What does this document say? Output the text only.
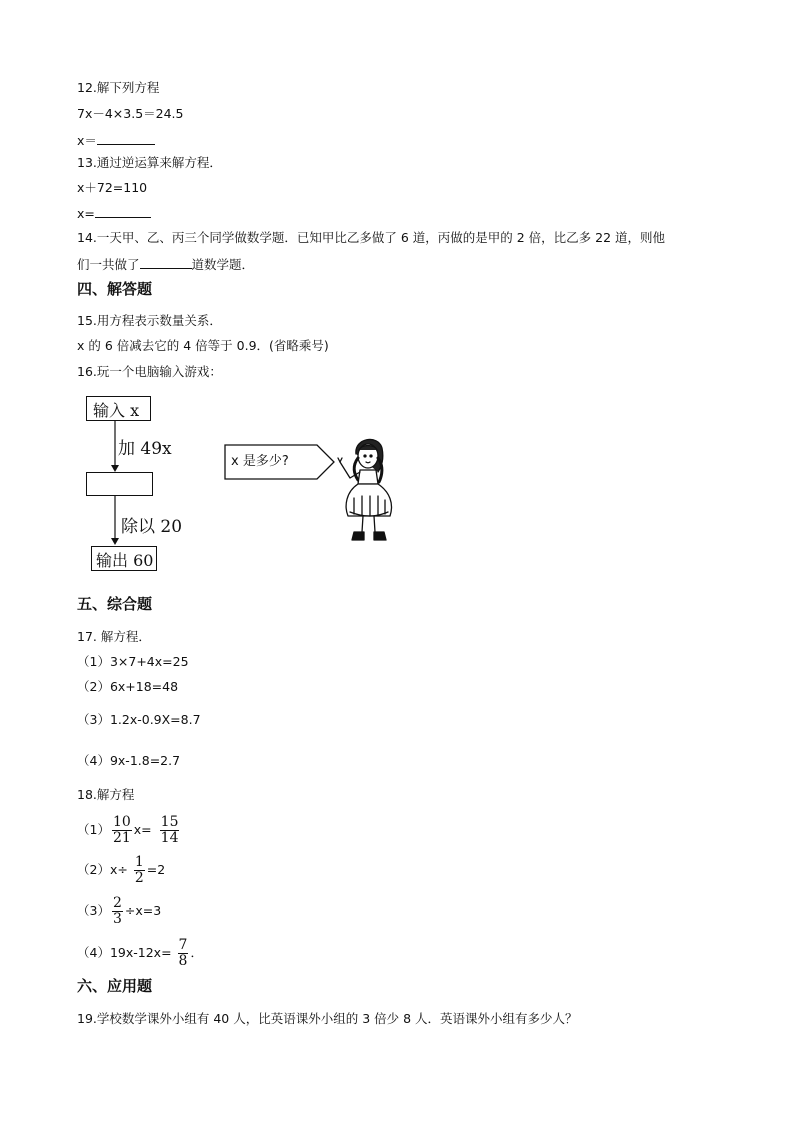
12.解下列方程
7x－4×3.5＝24.5
x＝
13.通过逆运算来解方程．
x＋72=110
x=
14.一天甲、乙、丙三个同学做数学题．已知甲比乙多做了 6 道，丙做的是甲的 2 倍，比乙多 22 道，则他
们一共做了	道数学题．
四、解答题
15.用方程表示数量关系．
x 的 6 倍减去它的 4 倍等于 0.9．(省略乘号)
16.玩一个电脑输入游戏：
输入 x
加 49x
除以 20
输出 60
x 是多少?
五、综合题
17. 解方程．
（1）3×7+4x=25
（2）6x+18=48
（3）1.2x-0.9X=8.7
（4）9x-1.8=2.7
18.解方程
$(1) \frac{10}{21} x= \frac{15}{14}$
$(2)x\div \frac{1}{2} =2$
$(3) \frac{2}{3} \div x=3$
$(4)19x-12x= \frac{7}{8}$ ．
六、应用题
19.学校数学课外小组有 40 人，比英语课外小组的 3 倍少 8 人．英语课外小组有多少人？
